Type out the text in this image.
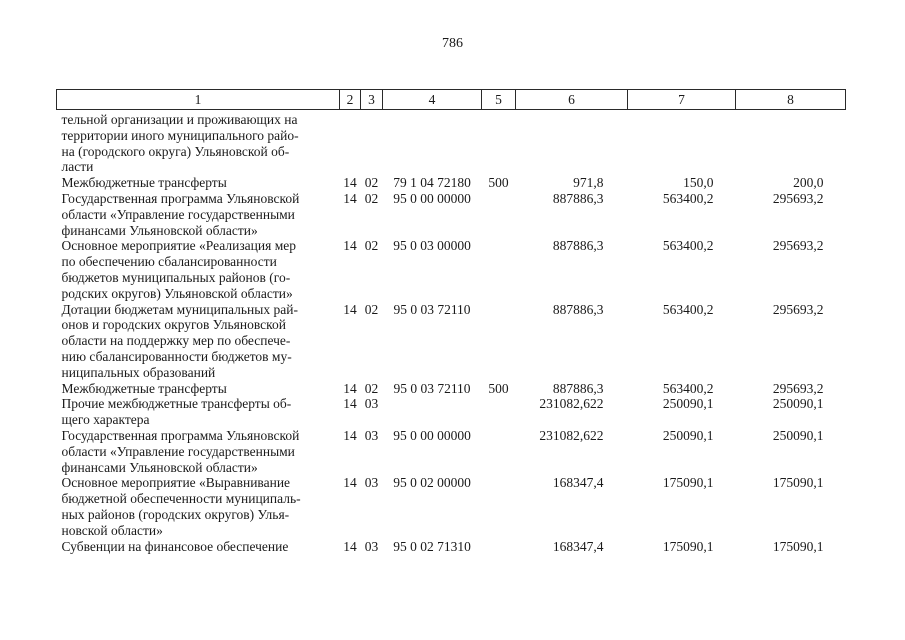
786
1	2	3	4	5	6	7	8

тельной организации и проживающих на
территории иного муниципального райо-
на (городского округа) Ульяновской об-
ласти							

Межбюджетные трансферты	14	02	79 1 04 72180	500	971,8	150,0	200,0

Государственная программа Ульяновской
области «Управление государственными
финансами Ульяновской области»	14	02	95 0 00 00000		887886,3	563400,2	295693,2

Основное мероприятие «Реализация мер
по обеспечению сбалансированности
бюджетов муниципальных районов (го-
родских округов) Ульяновской области»	14	02	95 0 03 00000		887886,3	563400,2	295693,2

Дотации бюджетам муниципальных рай-
онов и городских округов Ульяновской
области на поддержку мер по обеспече-
нию сбалансированности бюджетов му-
ниципальных образований	14	02	95 0 03 72110		887886,3	563400,2	295693,2

Межбюджетные трансферты	14	02	95 0 03 72110	500	887886,3	563400,2	295693,2

Прочие межбюджетные трансферты об-
щего характера	14	03			231082,622	250090,1	250090,1

Государственная программа Ульяновской
области «Управление государственными
финансами Ульяновской области»	14	03	95 0 00 00000		231082,622	250090,1	250090,1

Основное мероприятие «Выравнивание
бюджетной обеспеченности муниципаль-
ных районов (городских округов) Улья-
новской области»	14	03	95 0 02 00000		168347,4	175090,1	175090,1

Субвенции на финансовое обеспечение	14	03	95 0 02 71310		168347,4	175090,1	175090,1
